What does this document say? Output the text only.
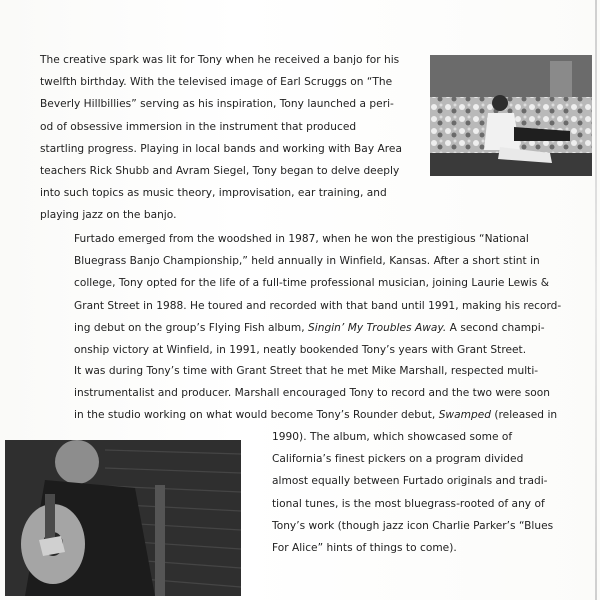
The creative spark was lit for Tony when he received a banjo for his
twelfth birthday. With the televised image of Earl Scruggs on “The
Beverly Hillbillies” serving as his inspiration, Tony launched a peri-
od of obsessive immersion in the instrument that produced
startling progress. Playing in local bands and working with Bay Area
teachers Rick Shubb and Avram Siegel, Tony began to delve deeply
into such topics as music theory, improvisation, ear training, and
playing jazz on the banjo.
Furtado emerged from the woodshed in 1987, when he won the prestigious “National
Bluegrass Banjo Championship,” held annually in Winfield, Kansas. After a short stint in
college, Tony opted for the life of a full-time professional musician, joining Laurie Lewis &
Grant Street in 1988. He toured and recorded with that band until 1991, making his record-
ing debut on the group’s Flying Fish album, Singin’ My Troubles Away. A second champi-
onship victory at Winfield, in 1991, neatly bookended Tony’s years with Grant Street.
It was during Tony’s time with Grant Street that he met Mike Marshall, respected multi-
instrumentalist and producer. Marshall encouraged Tony to record and the two were soon
in the studio working on what would become Tony’s Rounder debut, Swamped (released in
1990). The album, which showcased some of
California’s finest pickers on a program divided
almost equally between Furtado originals and tradi-
tional tunes, is the most bluegrass-rooted of any of
Tony’s work (though jazz icon Charlie Parker’s “Blues
For Alice” hints of things to come).
